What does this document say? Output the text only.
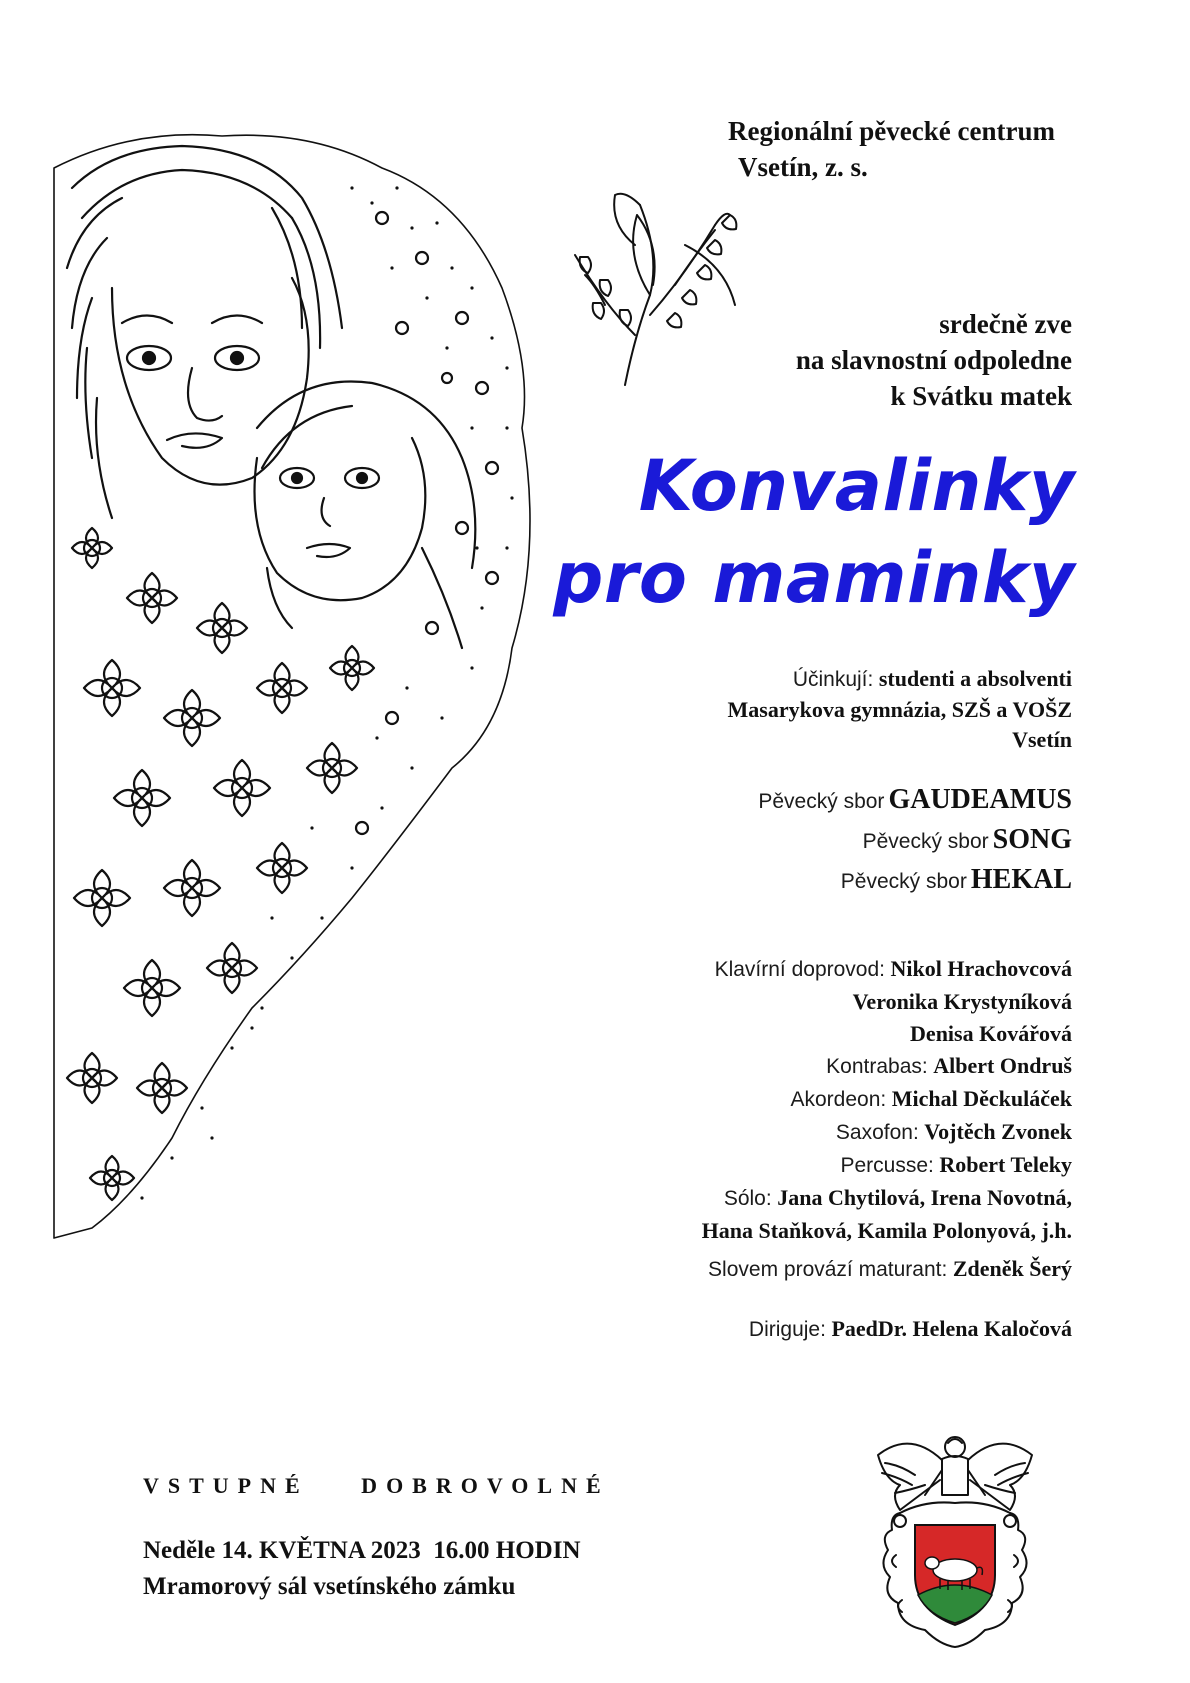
Regionální pěvecké centrum
Vsetín, z. s.
srdečně zve
na slavnostní odpoledne
k Svátku matek
Konvalinky
pro maminky
Účinkují: studenti a absolventi
Masarykova gymnázia, SZŠ a VOŠZ
Vsetín
Pěvecký sbor GAUDEAMUS
Pěvecký sbor SONG
Pěvecký sbor HEKAL
Klavírní doprovod: Nikol Hrachovcová
Veronika Krystyníková
Denisa Kovářová
Kontrabas: Albert Ondruš
Akordeon: Michal Děckuláček
Saxofon: Vojtěch Zvonek
Percusse: Robert Teleky
Sólo: Jana Chytilová, Irena Novotná,
Hana Staňková, Kamila Polonyová, j.h.
Slovem provází maturant: Zdeněk Šerý
Diriguje: PaedDr. Helena Kaločová
VSTUPNÉ DOBROVOLNÉ
Neděle 14. KVĚTNA 2023  16.00 HODIN
Mramorový sál vsetínského zámku
